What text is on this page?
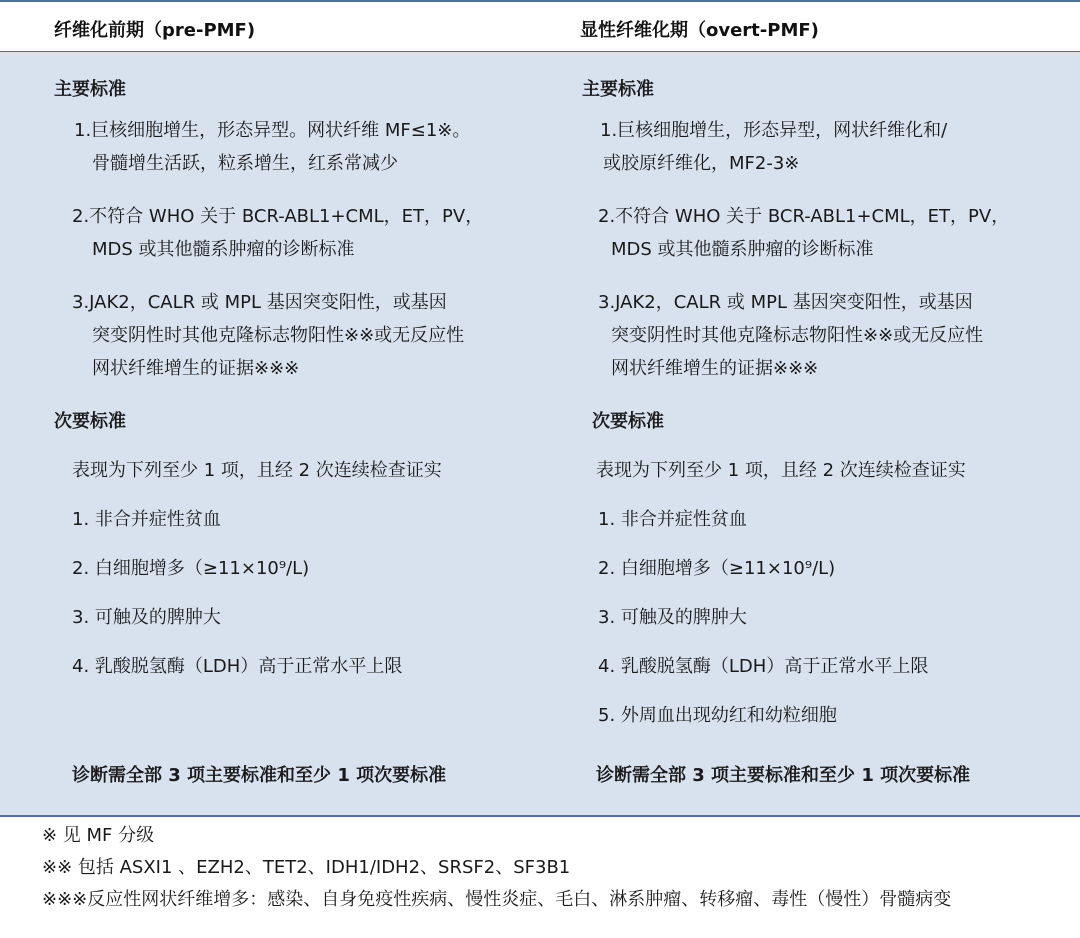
纤维化前期（pre-PMF)	显性纤维化期（overt-PMF)
主要标准
1.巨核细胞增生，形态异型。网状纤维 MF≤1※。
骨髓增生活跃，粒系增生，红系常减少
2.不符合 WHO 关于 BCR-ABL1+CML，ET，PV，
MDS 或其他髓系肿瘤的诊断标准
3.JAK2，CALR 或 MPL 基因突变阳性，或基因
突变阴性时其他克隆标志物阳性※※或无反应性
网状纤维增生的证据※※※
次要标准
表现为下列至少 1 项，且经 2 次连续检查证实
1. 非合并症性贫血
2. 白细胞增多（≥11×10⁹/L)
3. 可触及的脾肿大
4. 乳酸脱氢酶（LDH）高于正常水平上限
诊断需全部 3 项主要标准和至少 1 项次要标准
主要标准
1.巨核细胞增生，形态异型，网状纤维化和/
或胶原纤维化，MF2-3※
2.不符合 WHO 关于 BCR-ABL1+CML，ET，PV，
MDS 或其他髓系肿瘤的诊断标准
3.JAK2，CALR 或 MPL 基因突变阳性，或基因
突变阴性时其他克隆标志物阳性※※或无反应性
网状纤维增生的证据※※※
次要标准
表现为下列至少 1 项，且经 2 次连续检查证实
1. 非合并症性贫血
2. 白细胞增多（≥11×10⁹/L)
3. 可触及的脾肿大
4. 乳酸脱氢酶（LDH）高于正常水平上限
5. 外周血出现幼红和幼粒细胞
诊断需全部 3 项主要标准和至少 1 项次要标准
※ 见 MF 分级
※※ 包括 ASXI1 、EZH2、TET2、IDH1/IDH2、SRSF2、SF3B1
※※※反应性网状纤维增多：感染、自身免疫性疾病、慢性炎症、毛白、淋系肿瘤、转移瘤、毒性（慢性）骨髓病变
